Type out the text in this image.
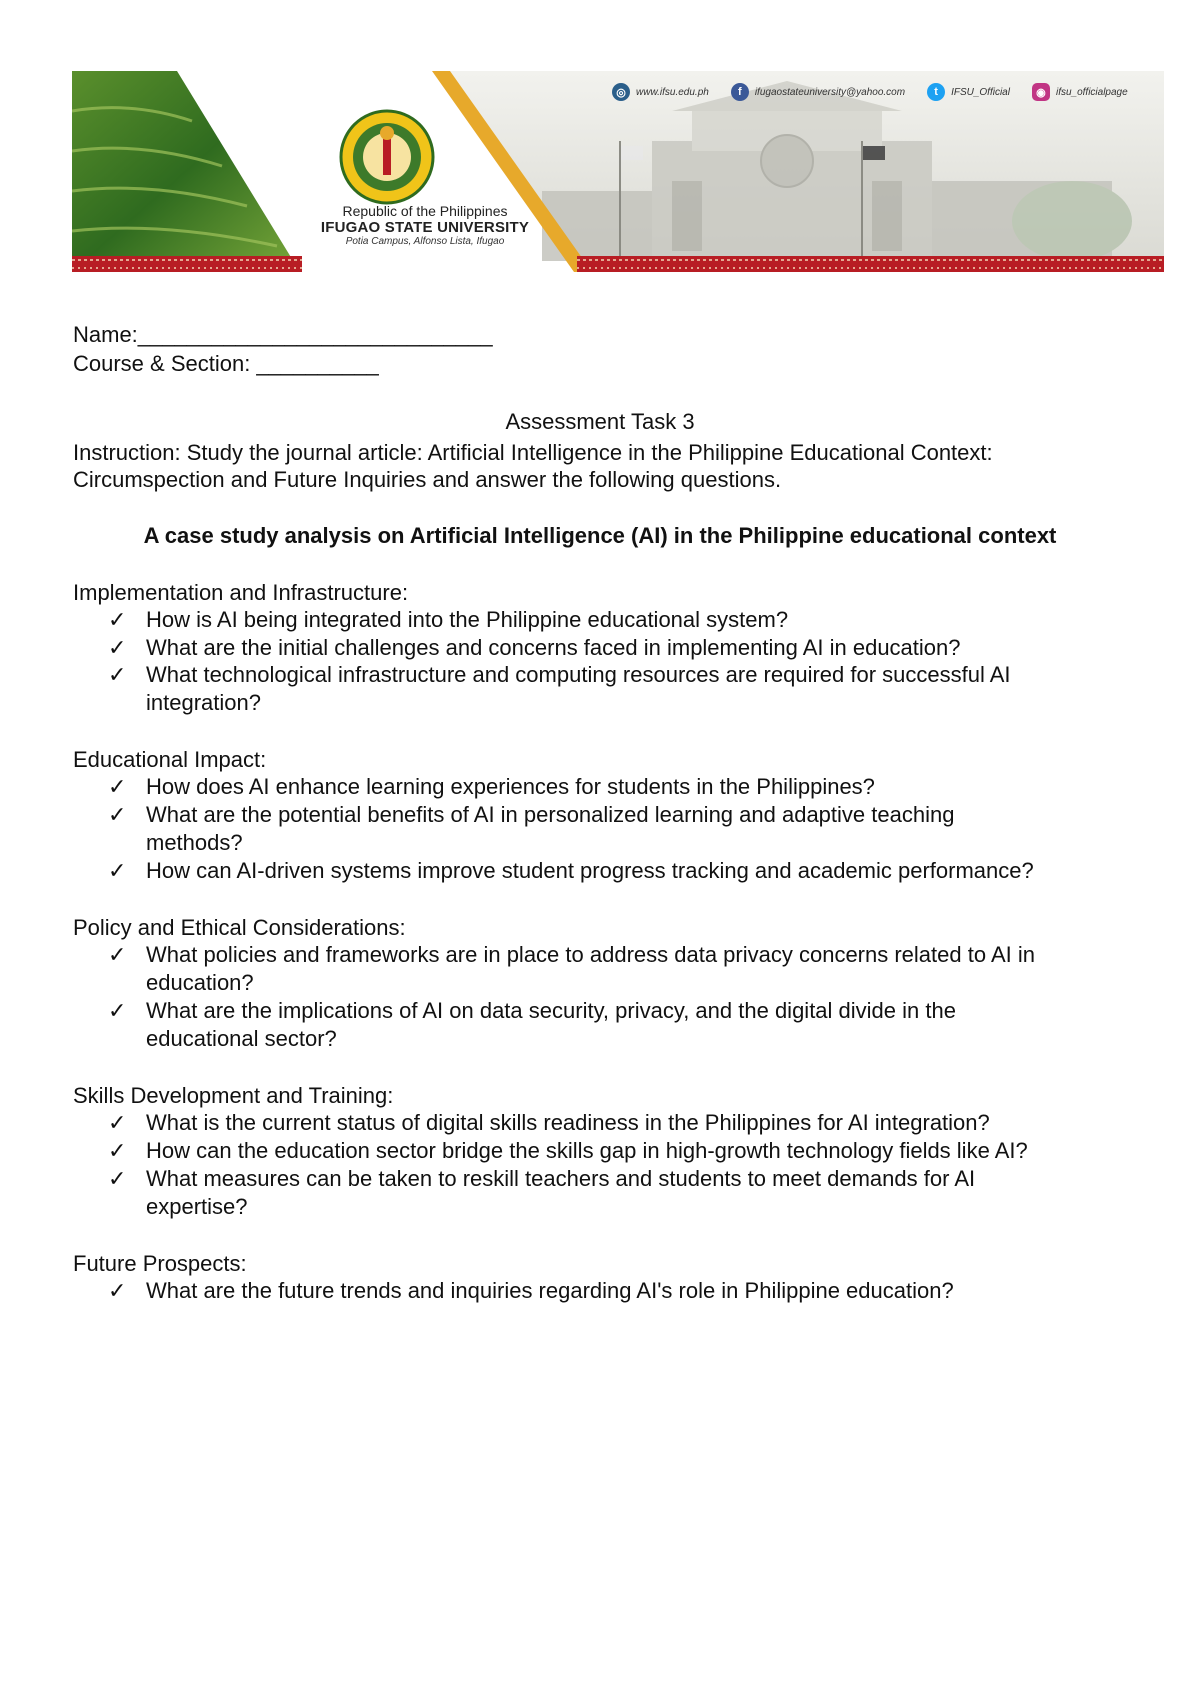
◎	www.ifsu.edu.ph	f	ifugaostateuniversity@yahoo.com	t	IFSU_Official	◉	ifsu_officialpage
Republic of the Philippines
IFUGAO STATE UNIVERSITY
Potia Campus, Alfonso Lista, Ifugao
Name:_____________________________
Course & Section: __________
Assessment Task 3
Instruction: Study the journal article: Artificial Intelligence in the Philippine Educational Context:
Circumspection and Future Inquiries and answer the following questions.
A case study analysis on Artificial Intelligence (AI) in the Philippine educational context
Implementation and Infrastructure:
✓ How is AI being integrated into the Philippine educational system?
✓ What are the initial challenges and concerns faced in implementing AI in education?
✓ What technological infrastructure and computing resources are required for successful AI
integration?
Educational Impact:
✓ How does AI enhance learning experiences for students in the Philippines?
✓ What are the potential benefits of AI in personalized learning and adaptive teaching
methods?
✓ How can AI-driven systems improve student progress tracking and academic performance?
Policy and Ethical Considerations:
✓ What policies and frameworks are in place to address data privacy concerns related to AI in
education?
✓ What are the implications of AI on data security, privacy, and the digital divide in the
educational sector?
Skills Development and Training:
✓ What is the current status of digital skills readiness in the Philippines for AI integration?
✓ How can the education sector bridge the skills gap in high-growth technology fields like AI?
✓ What measures can be taken to reskill teachers and students to meet demands for AI
expertise?
Future Prospects:
✓ What are the future trends and inquiries regarding AI's role in Philippine education?
